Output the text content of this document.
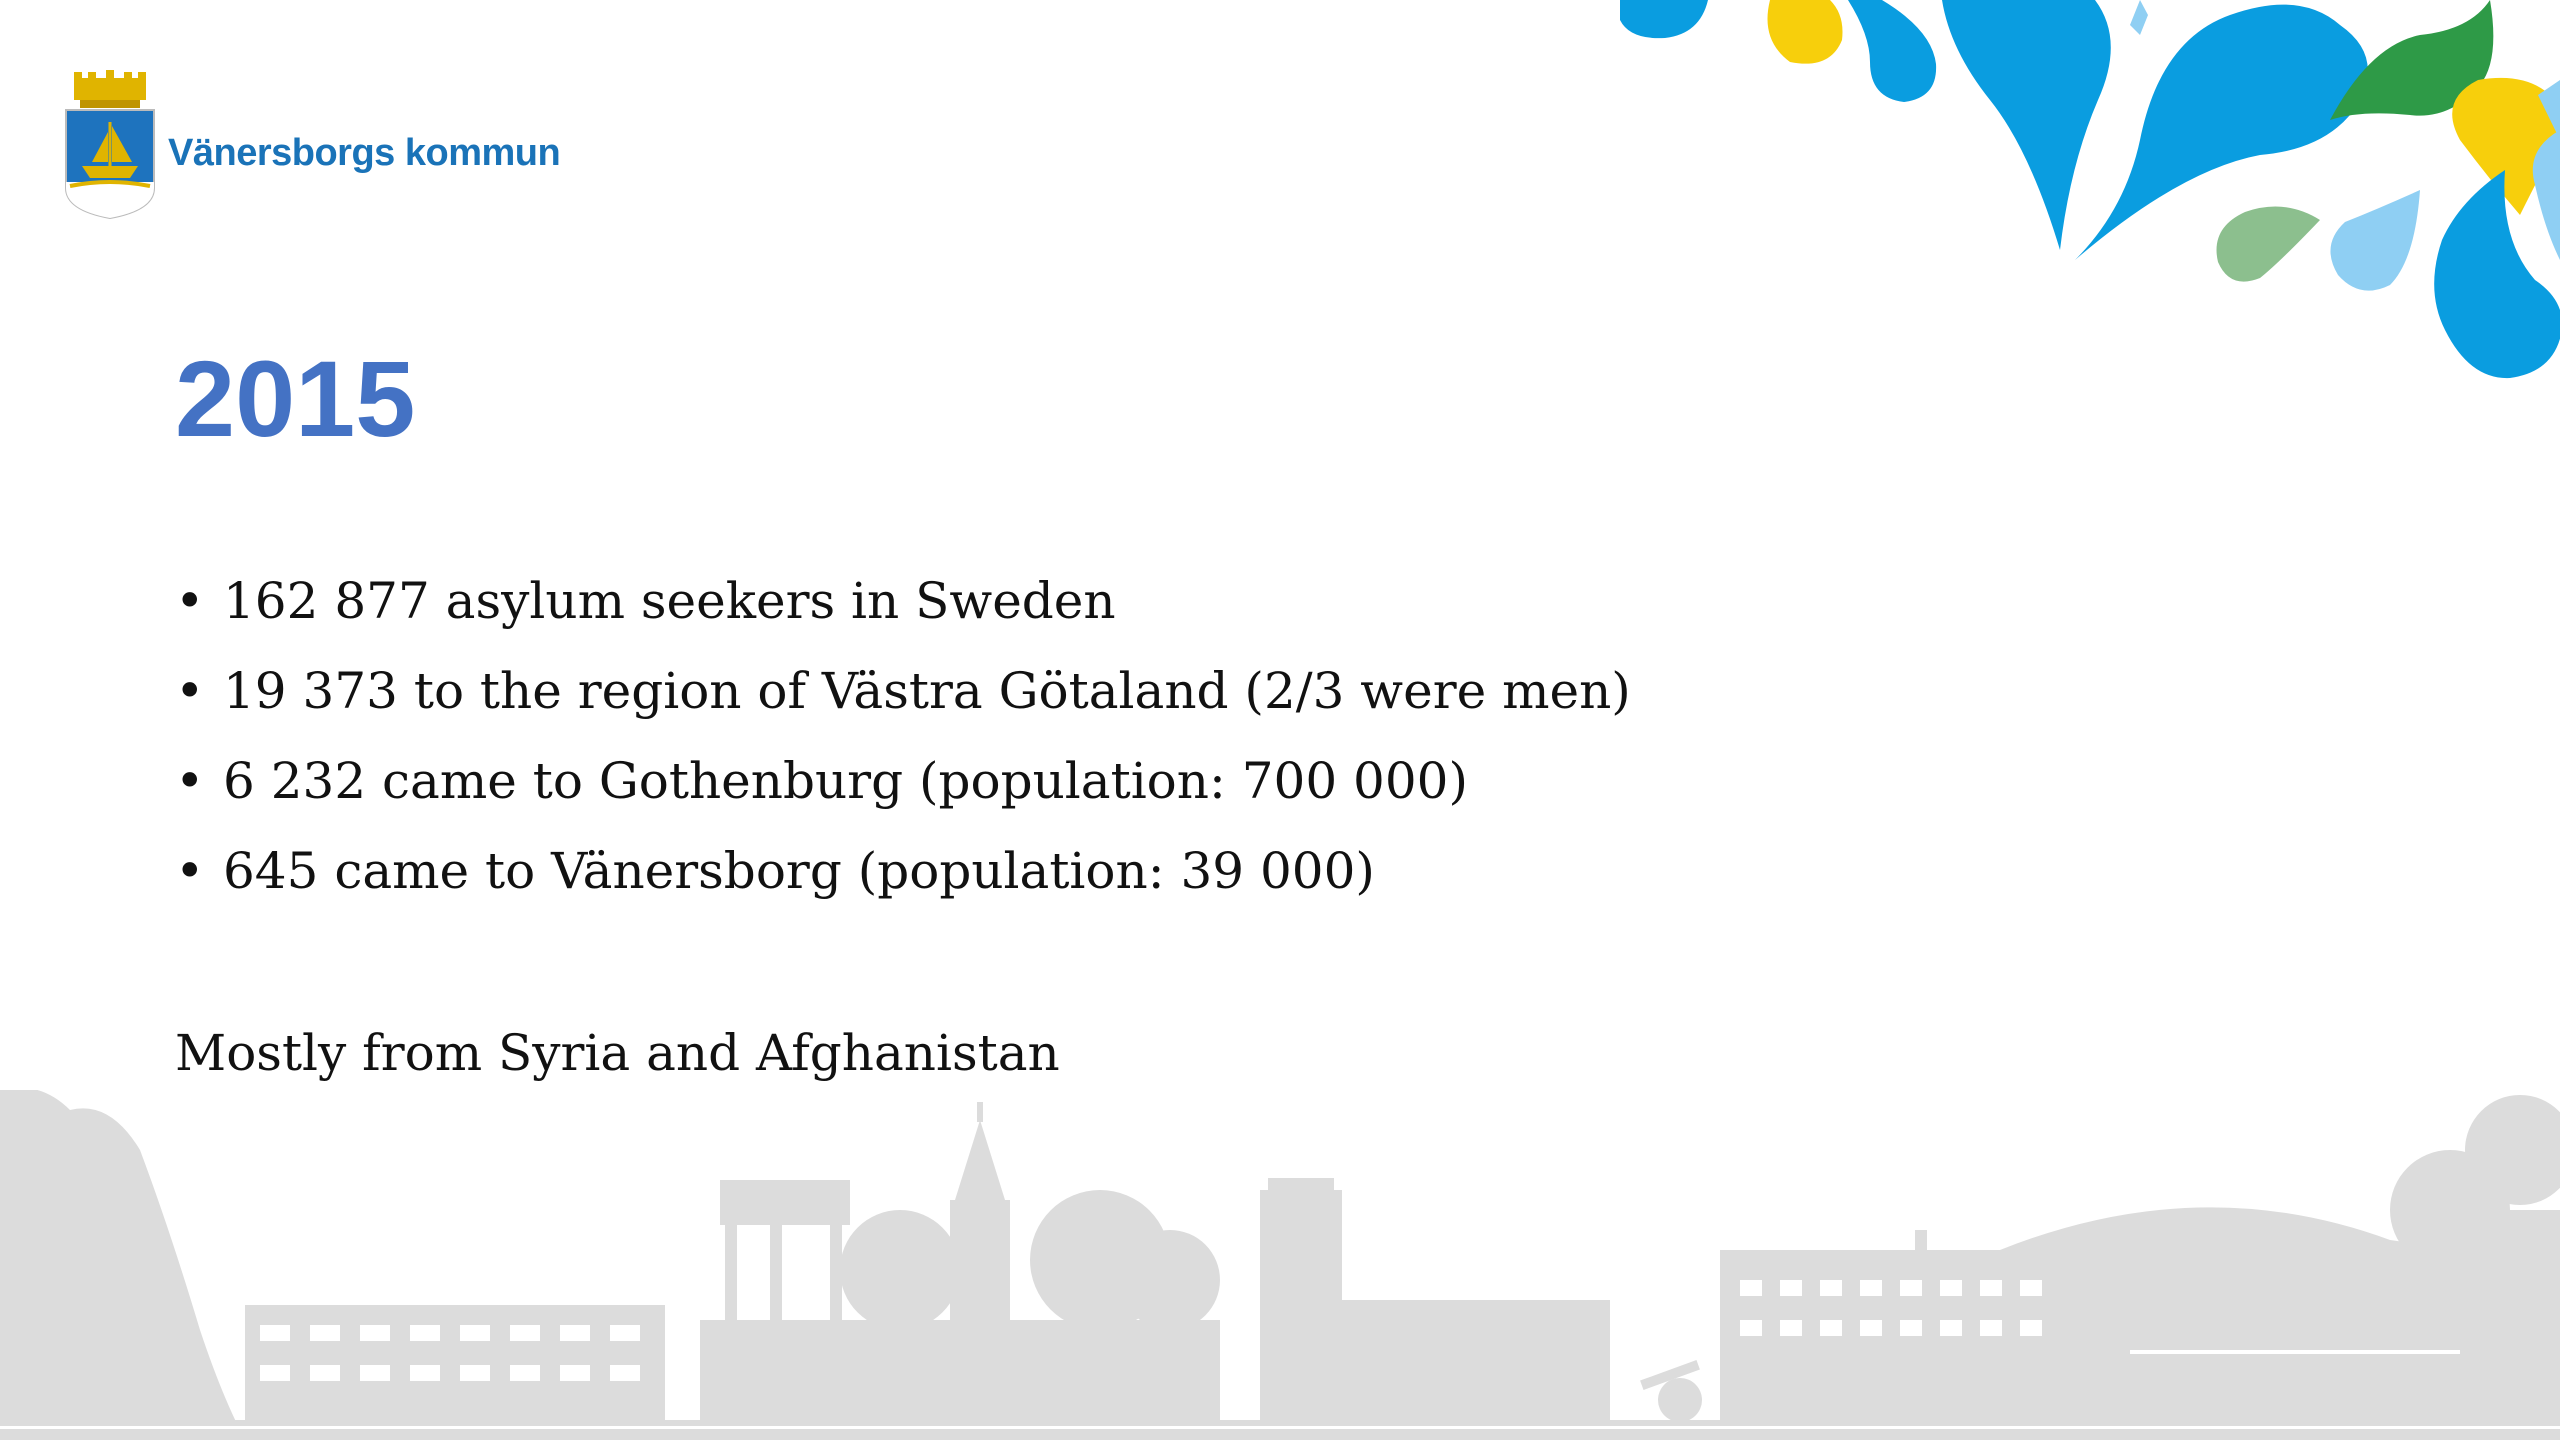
Vänersborgs kommun
2015
• 162 877 asylum seekers in Sweden
• 19 373 to the region of Västra Götaland (2/3 were men)
• 6 232 came to Gothenburg (population: 700 000)
• 645 came to Vänersborg (population: 39 000)

Mostly from Syria and Afghanistan
